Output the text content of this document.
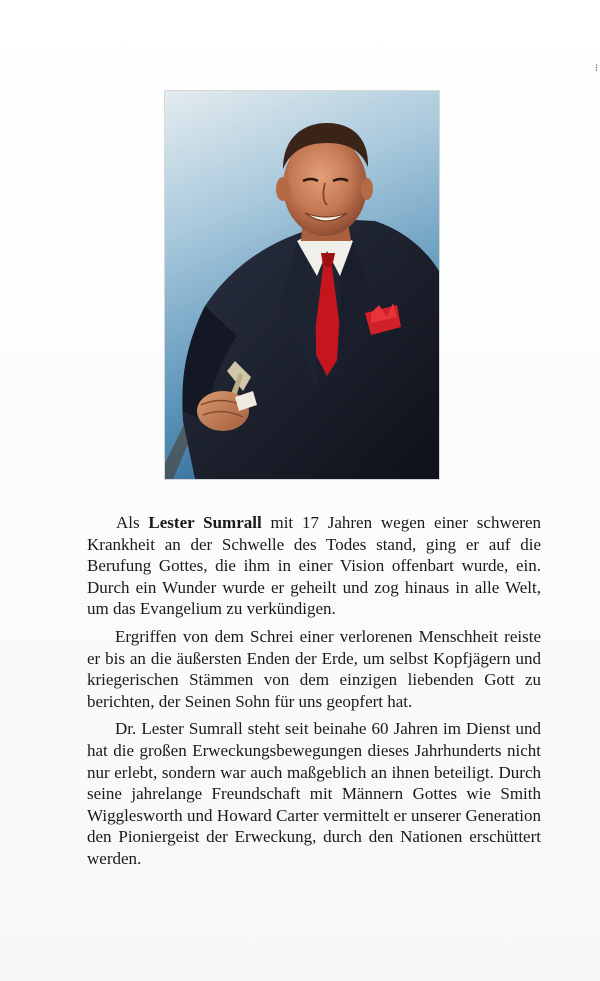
⁝

Als Lester Sumrall mit 17 Jahren wegen einer schweren Krankheit an der Schwelle des Todes stand, ging er auf die Berufung Gottes, die ihm in einer Vision offenbart wurde, ein. Durch ein Wunder wurde er geheilt und zog hinaus in alle Welt, um das Evangelium zu verkündigen.

Ergriffen von dem Schrei einer verlorenen Menschheit reiste er bis an die äußersten Enden der Erde, um selbst Kopfjägern und kriegerischen Stämmen von dem einzigen liebenden Gott zu berichten, der Seinen Sohn für uns geopfert hat.

Dr. Lester Sumrall steht seit beinahe 60 Jahren im Dienst und hat die großen Erweckungsbewegungen dieses Jahrhunderts nicht nur erlebt, sondern war auch maßgeblich an ihnen beteiligt. Durch seine jahrelange Freundschaft mit Männern Gottes wie Smith Wigglesworth und Howard Carter vermittelt er unserer Generation den Pioniergeist der Erweckung, durch den Nationen erschüttert werden.
